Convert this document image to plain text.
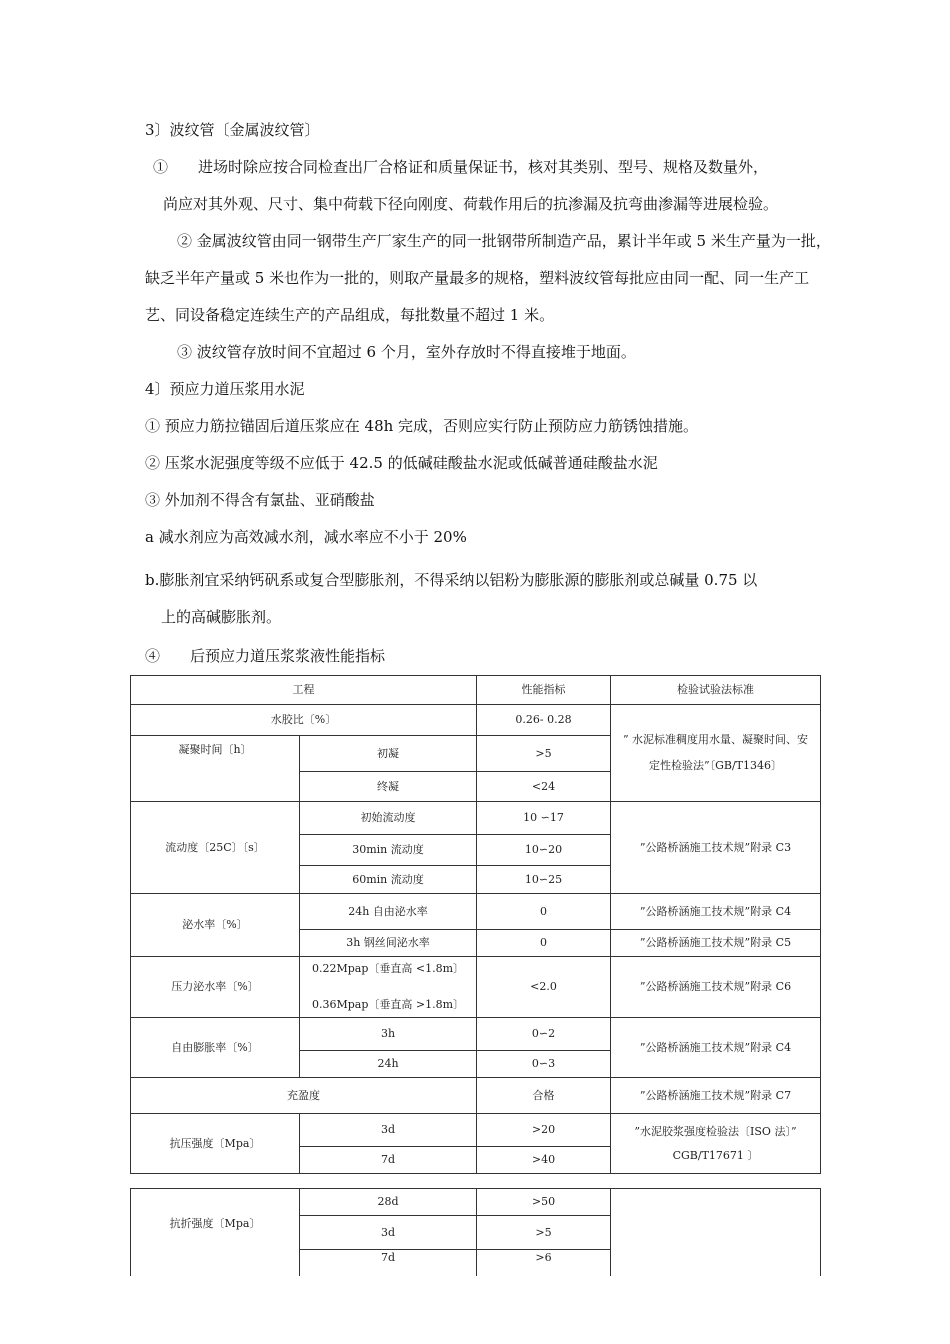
3〕波纹管〔金属波纹管〕
①　　进场时除应按合同检查出厂合格证和质量保证书，核对其类别、型号、规格及数量外，
尚应对其外观、尺寸、集中荷载下径向刚度、荷载作用后的抗渗漏及抗弯曲渗漏等进展检验。
② 金属波纹管由同一钢带生产厂家生产的同一批钢带所制造产品，累计半年或 5 米生产量为一批，
缺乏半年产量或 5 米也作为一批的，则取产量最多的规格，塑料波纹管每批应由同一配、同一生产工
艺、同设备稳定连续生产的产品组成，每批数量不超过 1 米。
③ 波纹管存放时间不宜超过 6 个月，室外存放时不得直接堆于地面。
4〕预应力道压浆用水泥
① 预应力筋拉锚固后道压浆应在 48h 完成，否则应实行防止预防应力筋锈蚀措施。
② 压浆水泥强度等级不应低于 42.5 的低碱硅酸盐水泥或低碱普通硅酸盐水泥
③ 外加剂不得含有氯盐、亚硝酸盐
a 减水剂应为高效减水剂，减水率应不小于 20%
b.膨胀剂宜采纳钙矾系或复合型膨胀剂，不得采纳以铝粉为膨胀源的膨胀剂或总碱量 0.75 以
上的高碱膨胀剂。
④　　后预应力道压浆浆液性能指标
工程		性能指标	检验试验法标准
水胶比〔%〕		0.26- 0.28	” 水泥标准稠度用水量、凝聚时间、安定性检验法”〔GB/T1346〕
凝聚时间〔h〕	初凝	>5	
	终凝	<24	
流动度〔25C〕〔s〕	初始流动度	10 ∽17	”公路桥涵施工技术规”附录 C3
	30min 流动度	10∽20	
	60min 流动度	10∽25	
泌水率〔%〕	24h 自由泌水率	0	”公路桥涵施工技术规”附录 C4
	3h 钢丝间泌水率	0	”公路桥涵施工技术规”附录 C5
压力泌水率〔%〕	0.22Mpap〔垂直高 <1.8m〕
0.36Mpap〔垂直高 >1.8m〕	<2.0	”公路桥涵施工技术规”附录 C6
自由膨胀率〔%〕	3h	0∽2	”公路桥涵施工技术规”附录 C4
	24h	0∽3	
充盈度		合格	”公路桥涵施工技术规”附录 C7
抗压强度〔Mpa〕	3d	>20	”水泥胶浆强度检验法〔ISO 法〕”
CGB/T17671 〕

	7d	>40	
	28d	>50	
抗折强度〔Mpa〕	3d	>5	
	7d	>6	
